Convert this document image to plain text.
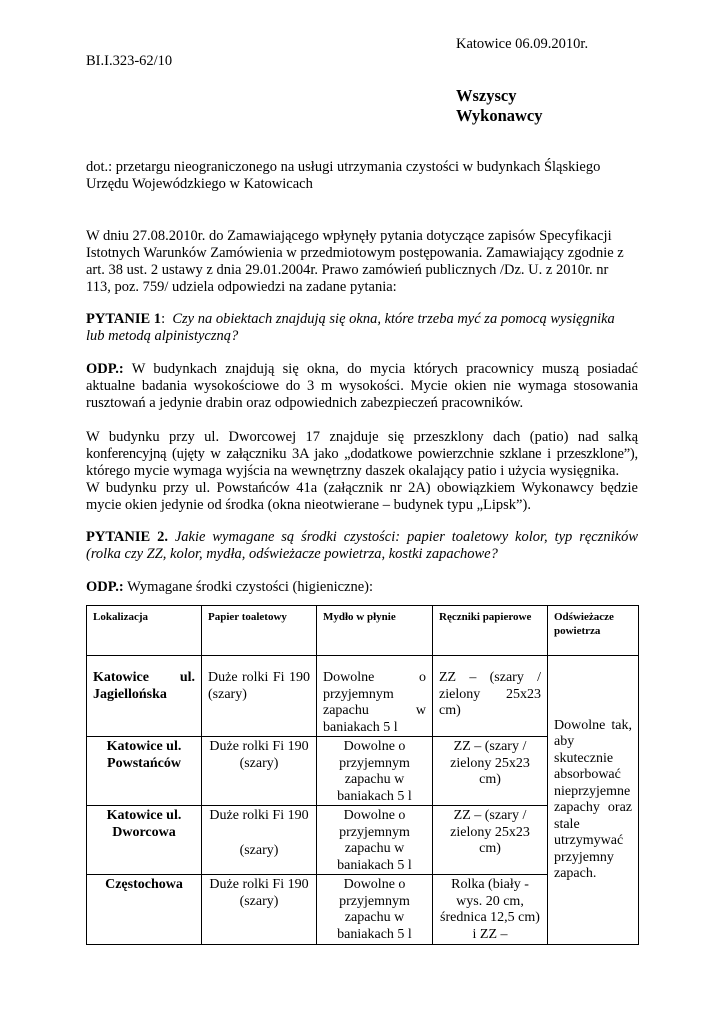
Katowice 06.09.2010r.
BI.I.323-62/10
Wszyscy
Wykonawcy
dot.: przetargu nieograniczonego na usługi utrzymania czystości w budynkach Śląskiego
Urzędu Wojewódzkiego w Katowicach
W dniu 27.08.2010r. do Zamawiającego wpłynęły pytania dotyczące zapisów Specyfikacji
Istotnych Warunków Zamówienia w przedmiotowym postępowania. Zamawiający zgodnie z
art. 38 ust. 2 ustawy z dnia 29.01.2004r. Prawo zamówień publicznych /Dz. U. z 2010r. nr
113, poz. 759/ udziela odpowiedzi na zadane pytania:
PYTANIE 1:  Czy na obiektach znajdują się okna, które trzeba myć za pomocą wysięgnika
lub metodą alpinistyczną?
ODP.: W budynkach znajdują się okna, do mycia których pracownicy muszą posiadać
aktualne badania wysokościowe do 3 m wysokości. Mycie okien nie wymaga stosowania
rusztowań a jedynie drabin oraz odpowiednich zabezpieczeń pracowników.
W budynku przy ul. Dworcowej 17 znajduje się przeszklony dach (patio) nad salką
konferencyjną (ujęty w załączniku 3A jako „dodatkowe powierzchnie szklane i przeszklone”),
którego mycie wymaga wyjścia na wewnętrzny daszek okalający patio i użycia wysięgnika.
W budynku przy ul. Powstańców 41a (załącznik nr 2A) obowiązkiem Wykonawcy będzie
mycie okien jedynie od środka (okna nieotwierane – budynek typu „Lipsk”).
PYTANIE 2. Jakie wymagane są środki czystości: papier toaletowy kolor, typ ręczników
(rolka czy ZZ, kolor, mydła, odświeżacze powietrza, kostki zapachowe?
ODP.: Wymagane środki czystości (higieniczne):
Lokalizacja	Papier toaletowy	Mydło w płynie	Ręczniki papierowe	Odświeżacze powietrza
Katowice ul. Jagiellońska	Duże rolki Fi 190 (szary)	Dowolne o przyjemnym zapachu w baniakach 5 l	ZZ – (szary / zielony 25x23 cm)	Dowolne tak, aby skutecznie absorbować nieprzyjemne zapachy oraz stale utrzymywać przyjemny zapach.
Katowice ul. Powstańców	Duże rolki Fi 190 (szary)	Dowolne o przyjemnym zapachu w baniakach 5 l	ZZ – (szary / zielony 25x23 cm)	
Katowice ul. Dworcowa	Duże rolki Fi 190
(szary)	Dowolne o przyjemnym zapachu w baniakach 5 l	ZZ – (szary / zielony 25x23 cm)	
Częstochowa	Duże rolki Fi 190 (szary)	Dowolne o przyjemnym zapachu w baniakach 5 l	Rolka (biały - wys. 20 cm, średnica 12,5 cm) i ZZ –	
